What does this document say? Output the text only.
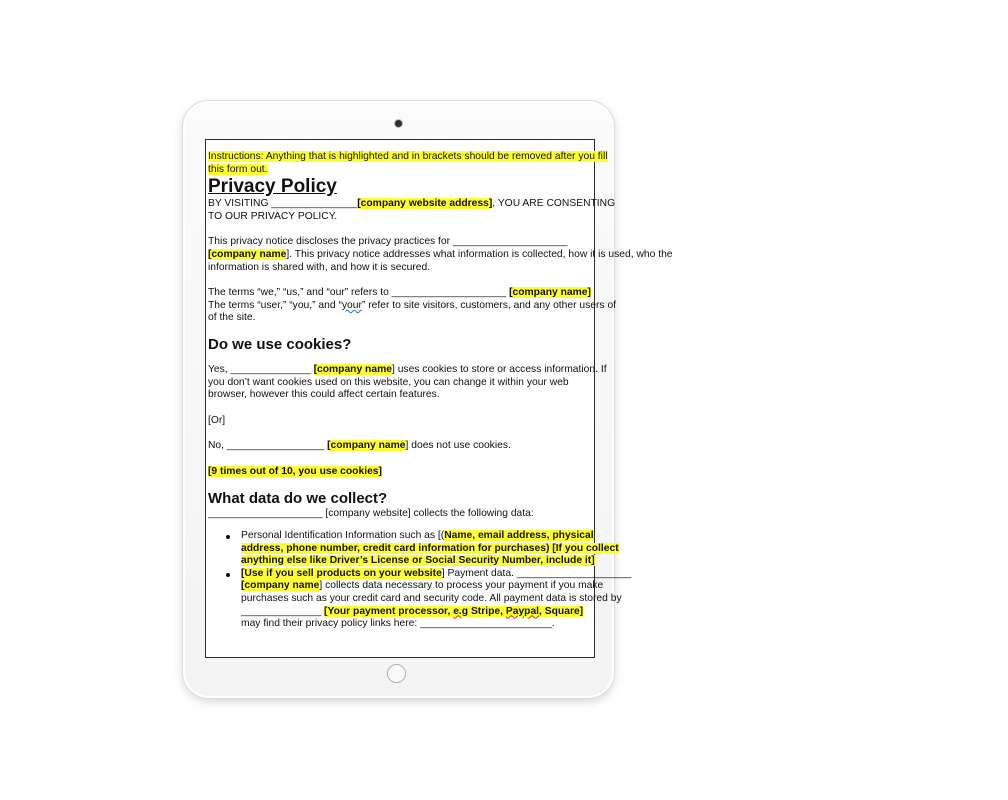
Instructions: Anything that is highlighted and in brackets should be removed after you fill

this form out.

Privacy Policy

BY VISITING _______________[company website address], YOU ARE CONSENTING

TO OUR PRIVACY POLICY.

This privacy notice discloses the privacy practices for ____________________

[company name]. This privacy notice addresses what information is collected, how it is used, who the

information is shared with, and how it is secured.

The terms “we,” “us,” and “our” refers to ____________________ [company name]

The terms “user,” “you,” and “your” refer to site visitors, customers, and any other users of

of the site.

Do we use cookies?

Yes, ______________ [company name] uses cookies to store or access information. If

you don’t want cookies used on this website, you can change it within your web

browser, however this could affect certain features.

[Or]

No, _________________ [company name] does not use cookies.

[9 times out of 10, you use cookies]

What data do we collect?

____________________ [company website] collects the following data:

Personal Identification Information such as [(Name, email address, physical
address, phone number, credit card information for purchases) [If you collect
anything else like Driver’s License or Social Security Number, include it]
[Use if you sell products on your website] Payment data. ____________________
[company name] collects data necessary to process your payment if you make
purchases such as your credit card and security code. All payment data is stored by
______________ [Your payment processor, e.g Stripe, Paypal, Square]
may find their privacy policy links here: _______________________.
